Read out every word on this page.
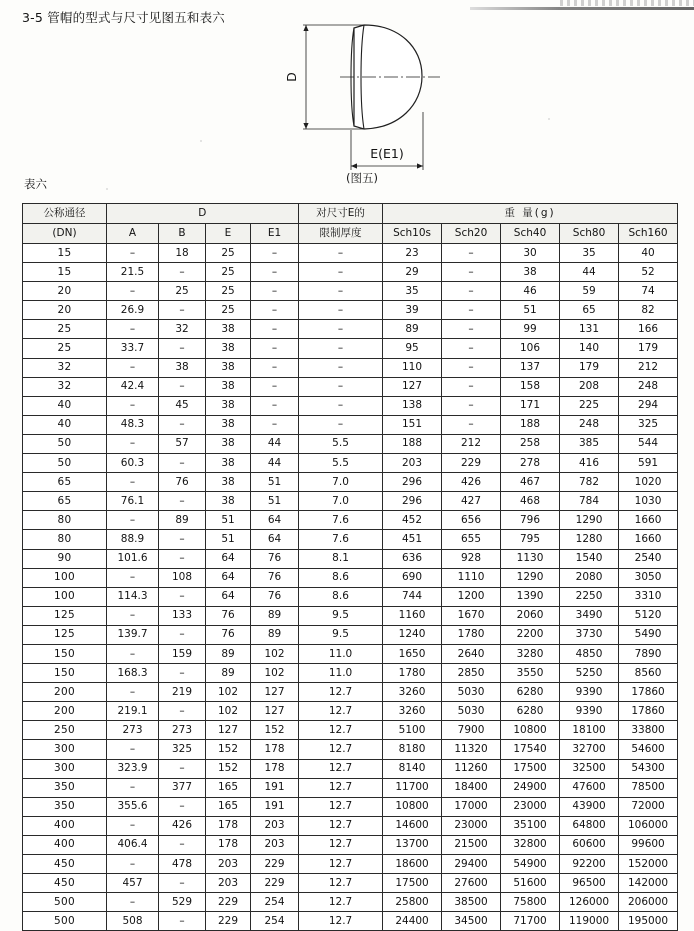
3-5 管帽的型式与尺寸见图五和表六
D
E(E1)
(图五)
表六
公称通径	D				对尺寸E的	重 量(g)				
(DN)	A	B	E	E1	限制厚度	Sch10s	Sch20	Sch40	Sch80	Sch160
15	–	18	25	–	–	23	–	30	35	40
15	21.5	–	25	–	–	29	–	38	44	52
20	–	25	25	–	–	35	–	46	59	74
20	26.9	–	25	–	–	39	–	51	65	82
25	–	32	38	–	–	89	–	99	131	166
25	33.7	–	38	–	–	95	–	106	140	179
32	–	38	38	–	–	110	–	137	179	212
32	42.4	–	38	–	–	127	–	158	208	248
40	–	45	38	–	–	138	–	171	225	294
40	48.3	–	38	–	–	151	–	188	248	325
50	–	57	38	44	5.5	188	212	258	385	544
50	60.3	–	38	44	5.5	203	229	278	416	591
65	–	76	38	51	7.0	296	426	467	782	1020
65	76.1	–	38	51	7.0	296	427	468	784	1030
80	–	89	51	64	7.6	452	656	796	1290	1660
80	88.9	–	51	64	7.6	451	655	795	1280	1660
90	101.6	–	64	76	8.1	636	928	1130	1540	2540
100	–	108	64	76	8.6	690	1110	1290	2080	3050
100	114.3	–	64	76	8.6	744	1200	1390	2250	3310
125	–	133	76	89	9.5	1160	1670	2060	3490	5120
125	139.7	–	76	89	9.5	1240	1780	2200	3730	5490
150	–	159	89	102	11.0	1650	2640	3280	4850	7890
150	168.3	–	89	102	11.0	1780	2850	3550	5250	8560
200	–	219	102	127	12.7	3260	5030	6280	9390	17860
200	219.1	–	102	127	12.7	3260	5030	6280	9390	17860
250	273	273	127	152	12.7	5100	7900	10800	18100	33800
300	–	325	152	178	12.7	8180	11320	17540	32700	54600
300	323.9	–	152	178	12.7	8140	11260	17500	32500	54300
350	–	377	165	191	12.7	11700	18400	24900	47600	78500
350	355.6	–	165	191	12.7	10800	17000	23000	43900	72000
400	–	426	178	203	12.7	14600	23000	35100	64800	106000
400	406.4	–	178	203	12.7	13700	21500	32800	60600	99600
450	–	478	203	229	12.7	18600	29400	54900	92200	152000
450	457	–	203	229	12.7	17500	27600	51600	96500	142000
500	–	529	229	254	12.7	25800	38500	75800	126000	206000
500	508	–	229	254	12.7	24400	34500	71700	119000	195000
